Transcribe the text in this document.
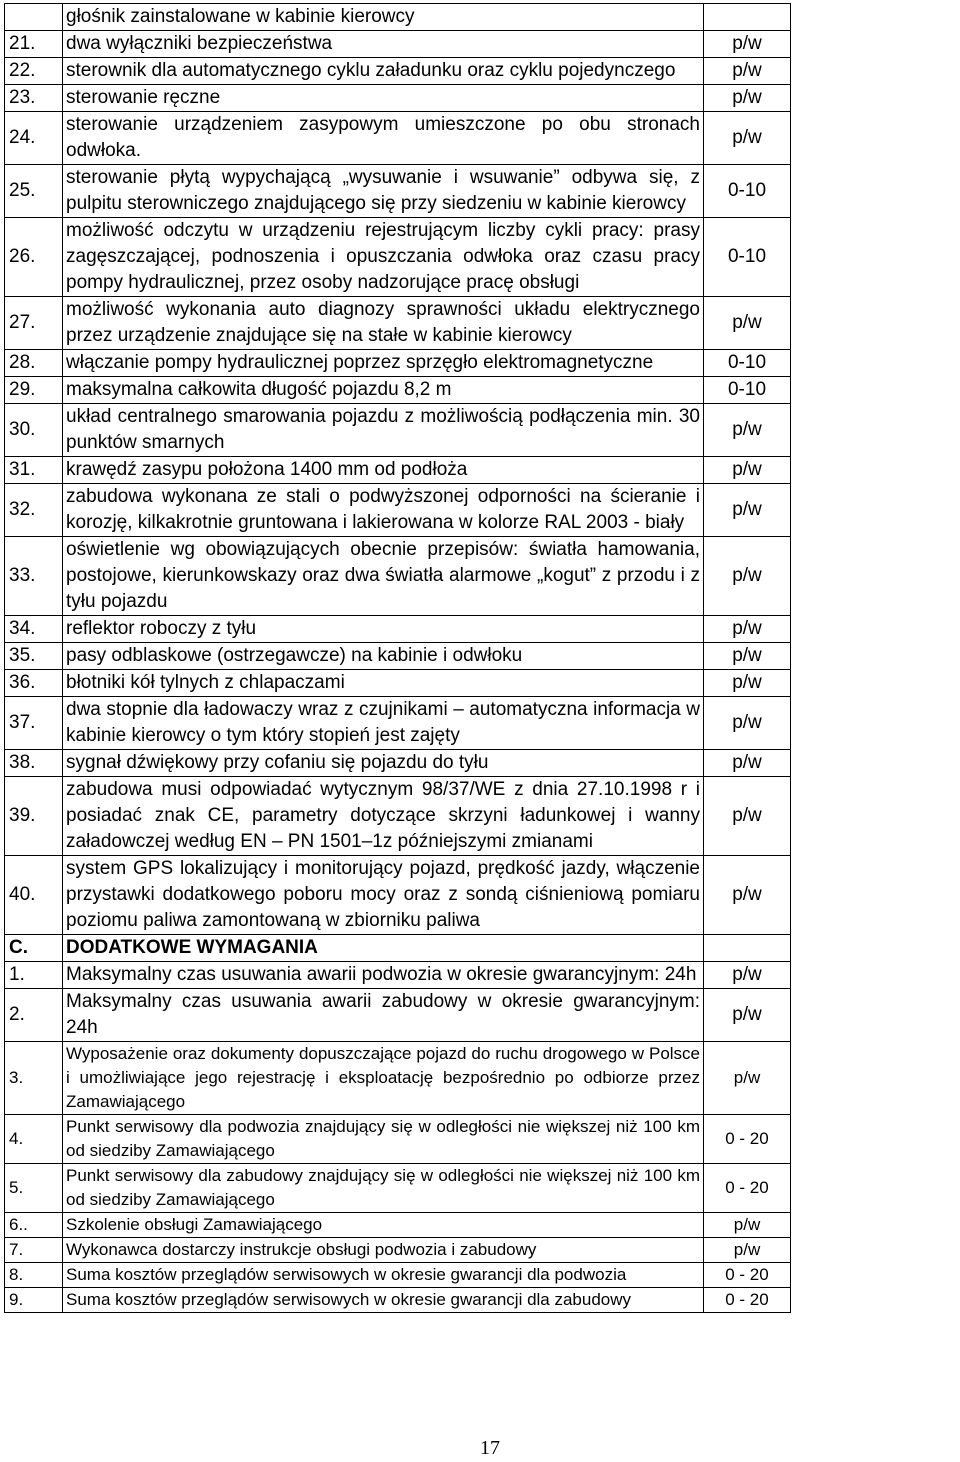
	głośnik zainstalowane w kabinie kierowcy	
21.	dwa wyłączniki bezpieczeństwa	p/w
22.	sterownik dla automatycznego cyklu załadunku oraz cyklu pojedynczego	p/w
23.	sterowanie ręczne	p/w
24.	sterowanie urządzeniem zasypowym umieszczone po obu stronach odwłoka.	p/w
25.	sterowanie płytą wypychającą „wysuwanie i wsuwanie” odbywa się, z pulpitu sterowniczego znajdującego się przy siedzeniu w kabinie kierowcy	0-10
26.	możliwość odczytu w urządzeniu rejestrującym liczby cykli pracy: prasy zagęszczającej, podnoszenia i opuszczania odwłoka oraz czasu pracy pompy hydraulicznej, przez osoby nadzorujące pracę obsługi	0-10
27.	możliwość wykonania auto diagnozy sprawności układu elektrycznego przez urządzenie znajdujące się na stałe w kabinie kierowcy	p/w
28.	włączanie pompy hydraulicznej poprzez sprzęgło elektromagnetyczne	0-10
29.	maksymalna całkowita długość pojazdu 8,2 m	0-10
30.	układ centralnego smarowania pojazdu z możliwością podłączenia min. 30 punktów smarnych	p/w
31.	krawędź zasypu położona 1400 mm od podłoża	p/w
32.	zabudowa wykonana ze stali o podwyższonej odporności na ścieranie i korozję, kilkakrotnie gruntowana i lakierowana w kolorze RAL 2003 - biały	p/w
33.	oświetlenie wg obowiązujących obecnie przepisów: światła hamowania, postojowe, kierunkowskazy oraz dwa światła alarmowe „kogut” z przodu i z tyłu pojazdu	p/w
34.	reflektor roboczy z tyłu	p/w
35.	pasy odblaskowe (ostrzegawcze) na kabinie i odwłoku	p/w
36.	błotniki kół tylnych z chlapaczami	p/w
37.	dwa stopnie dla ładowaczy wraz z czujnikami – automatyczna informacja w kabinie kierowcy o tym który stopień jest zajęty	p/w
38.	sygnał dźwiękowy przy cofaniu się pojazdu do tyłu	p/w
39.	zabudowa musi odpowiadać wytycznym 98/37/WE z dnia 27.10.1998 r i posiadać znak CE, parametry dotyczące skrzyni ładunkowej i wanny załadowczej według EN – PN 1501–1z późniejszymi zmianami	p/w
40.	system GPS lokalizujący i monitorujący pojazd, prędkość jazdy, włączenie przystawki dodatkowego poboru mocy oraz z sondą ciśnieniową pomiaru poziomu paliwa zamontowaną w zbiorniku paliwa	p/w
C.	DODATKOWE WYMAGANIA	
1.	Maksymalny czas usuwania awarii podwozia w okresie gwarancyjnym: 24h	p/w
2.	Maksymalny czas usuwania awarii zabudowy w okresie gwarancyjnym: 24h	p/w
3.	Wyposażenie oraz dokumenty dopuszczające pojazd do ruchu drogowego w Polsce i umożliwiające jego rejestrację i eksploatację bezpośrednio po odbiorze przez Zamawiającego	p/w
4.	Punkt serwisowy dla podwozia znajdujący się w odległości nie większej niż 100 km od siedziby Zamawiającego	0 - 20
5.	Punkt serwisowy dla zabudowy znajdujący się w odległości nie większej niż 100 km od siedziby Zamawiającego	0 - 20
6..	Szkolenie obsługi Zamawiającego	p/w
7.	Wykonawca dostarczy instrukcje obsługi podwozia i zabudowy	p/w
8.	Suma kosztów przeglądów serwisowych w okresie gwarancji dla podwozia	0 - 20
9.	Suma kosztów przeglądów serwisowych w okresie gwarancji dla zabudowy	0 - 20
17
